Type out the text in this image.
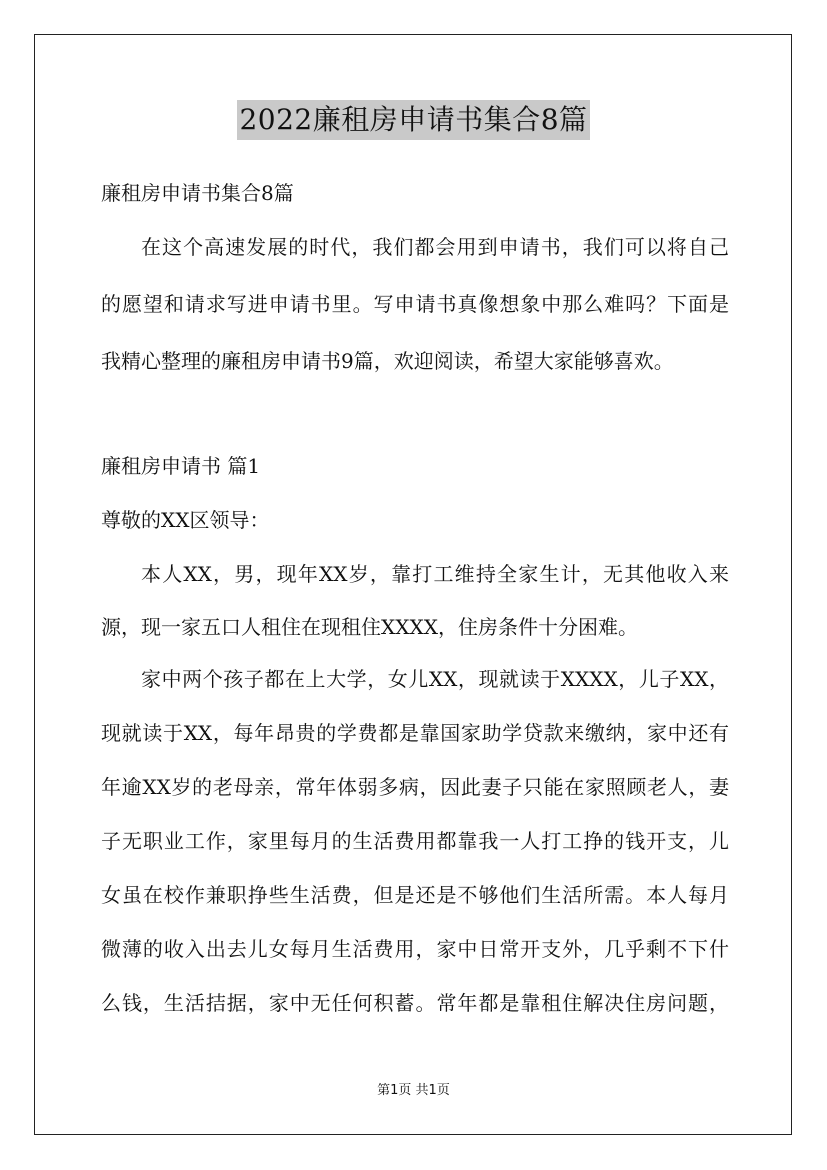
2022廉租房申请书集合8篇
廉租房申请书集合8篇
在这个高速发展的时代，我们都会用到申请书，我们可以将自己
的愿望和请求写进申请书里。写申请书真像想象中那么难吗？下面是
我精心整理的廉租房申请书9篇，欢迎阅读，希望大家能够喜欢。
廉租房申请书 篇1
尊敬的XX区领导：
本人XX，男，现年XX岁，靠打工维持全家生计，无其他收入来
源，现一家五口人租住在现租住XXXX，住房条件十分困难。
家中两个孩子都在上大学，女儿XX，现就读于XXXX，儿子XX，
现就读于XX，每年昂贵的学费都是靠国家助学贷款来缴纳，家中还有
年逾XX岁的老母亲，常年体弱多病，因此妻子只能在家照顾老人，妻
子无职业工作，家里每月的生活费用都靠我一人打工挣的钱开支，儿
女虽在校作兼职挣些生活费，但是还是不够他们生活所需。本人每月
微薄的收入出去儿女每月生活费用，家中日常开支外，几乎剩不下什
么钱，生活拮据，家中无任何积蓄。常年都是靠租住解决住房问题，
第1页 共1页
